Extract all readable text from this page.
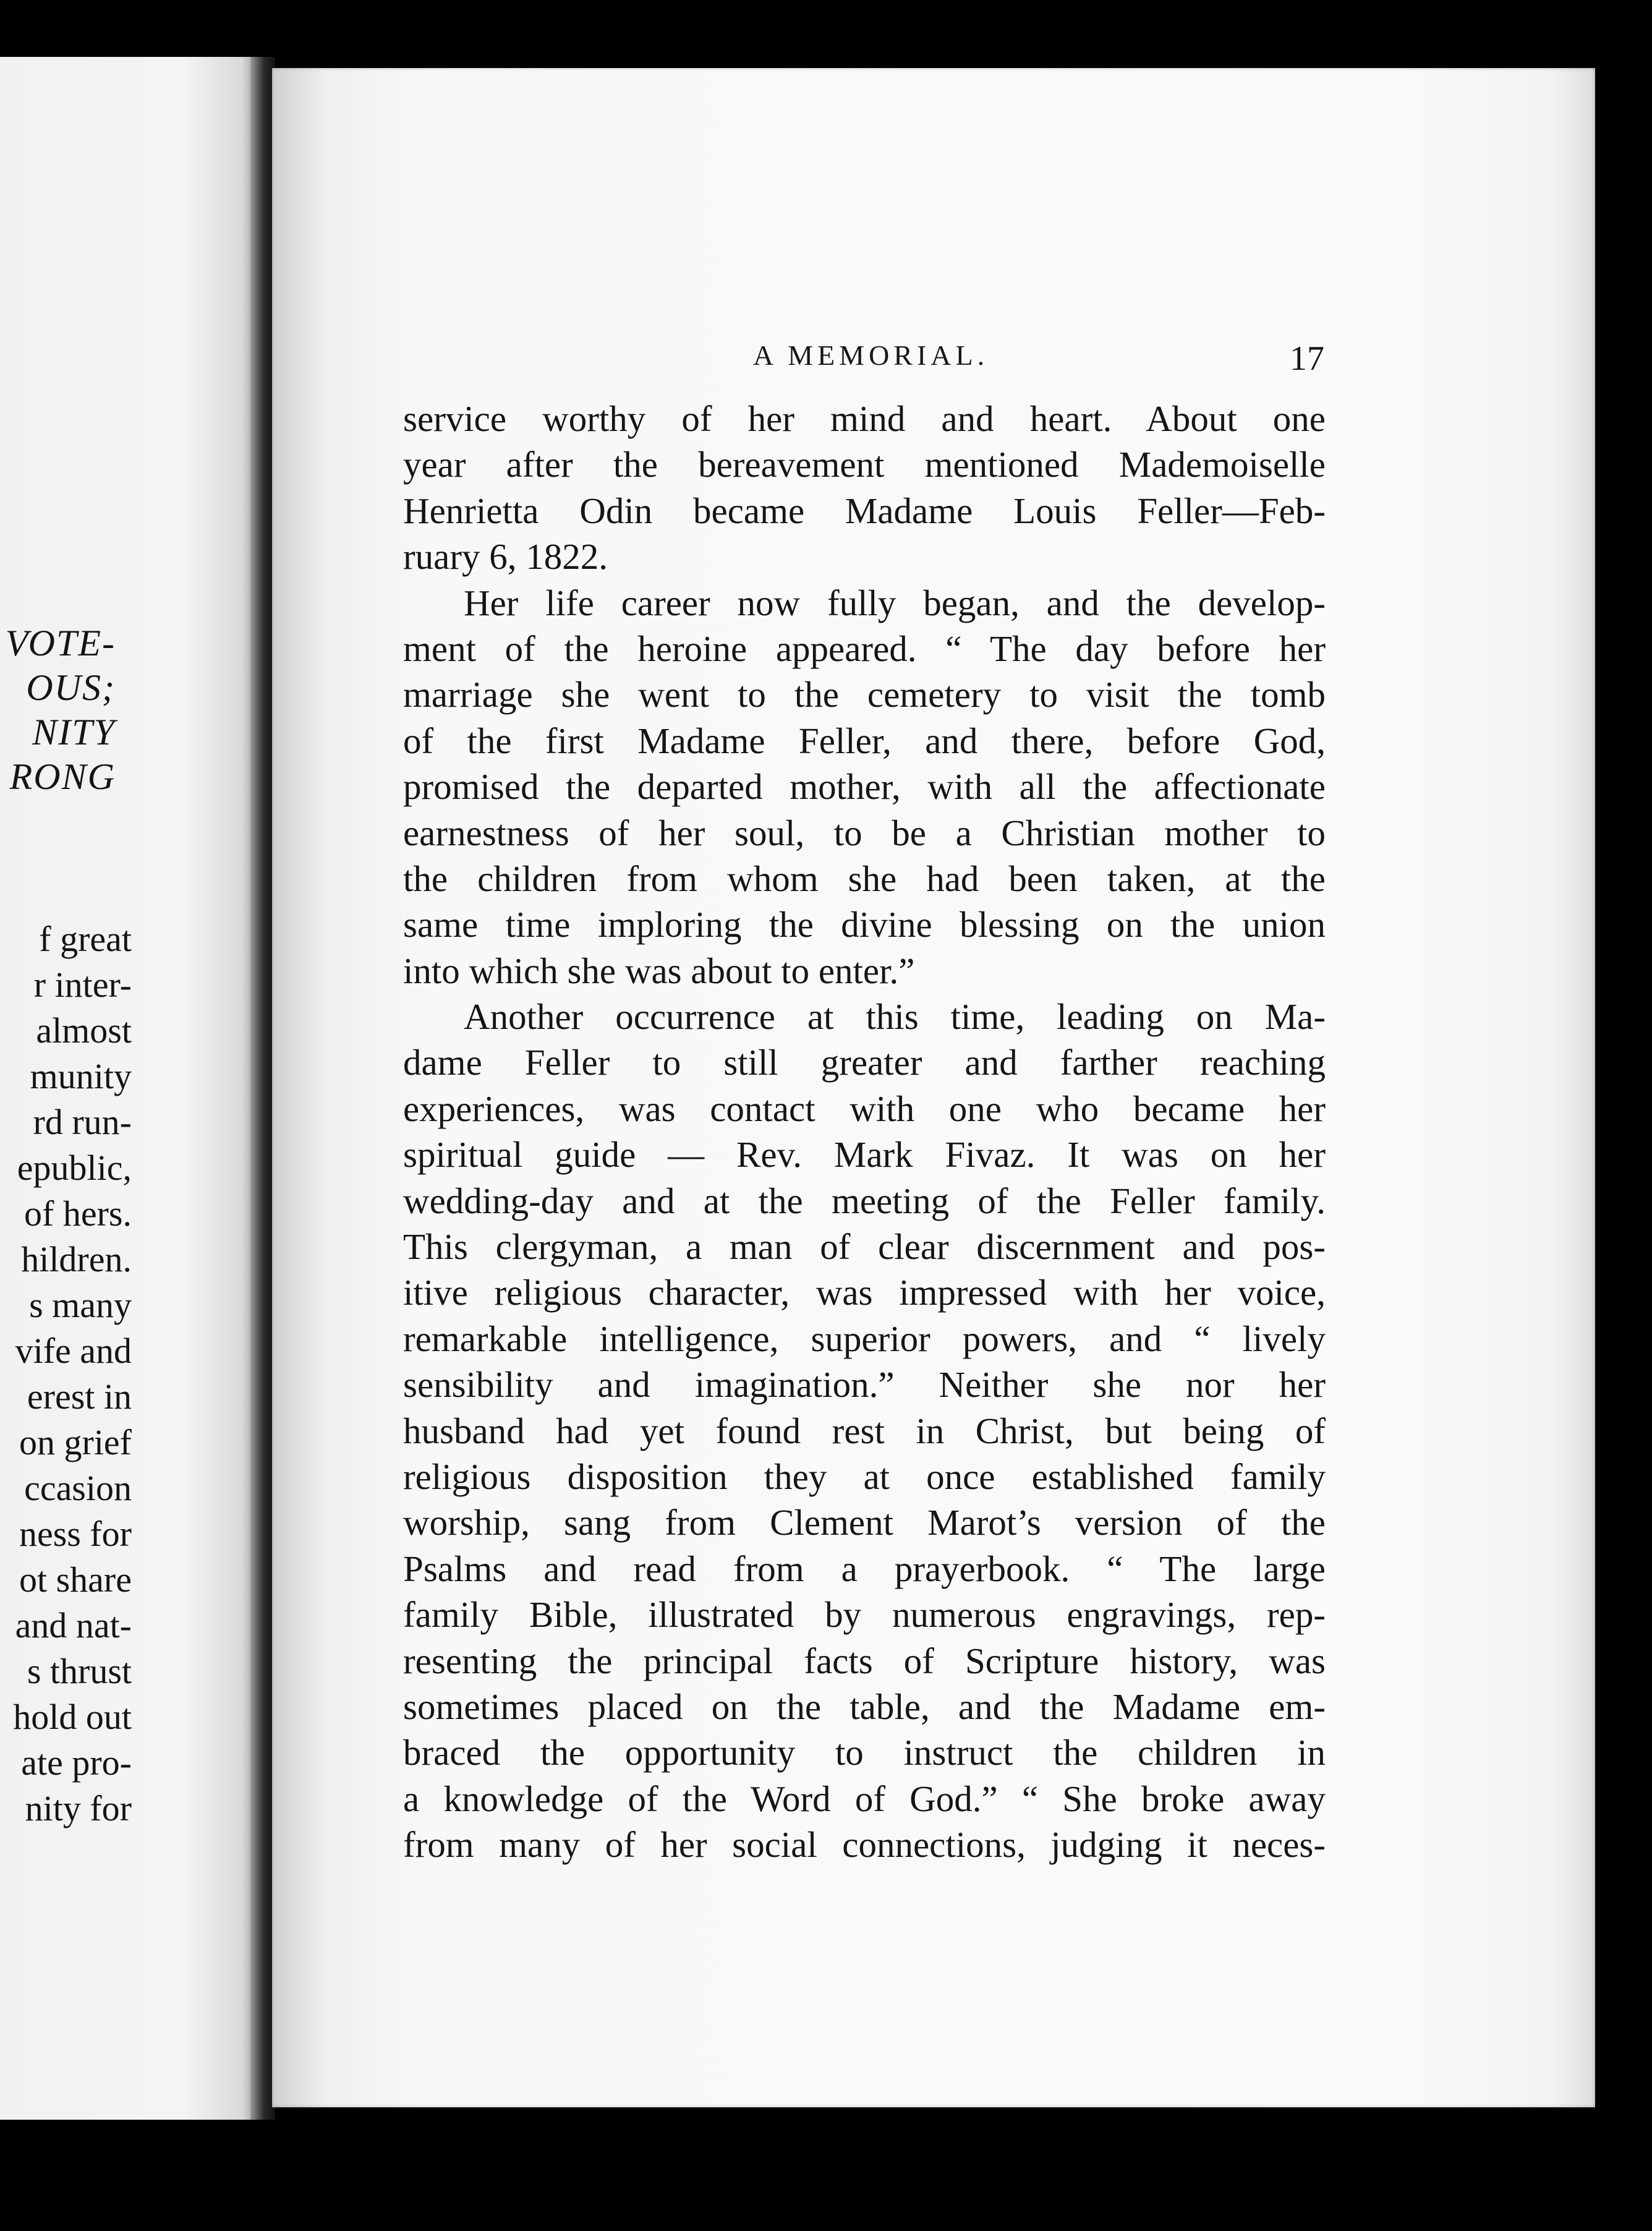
VOTE-
OUS;
NITY
RONG
f great
r inter-
almost
munity
rd run-
epublic,
of hers.
hildren.
s many
vife and
erest in
on grief
ccasion
ness for
ot share
and nat-
s thrust
hold out
ate pro-
nity for
A MEMORIAL.	17
service worthy of her mind and heart. About one
year after the bereavement mentioned Mademoiselle
Henrietta Odin became Madame Louis Feller—Feb-
ruary 6, 1822.
Her life career now fully began, and the develop-
ment of the heroine appeared. “ The day before her
marriage she went to the cemetery to visit the tomb
of the first Madame Feller, and there, before God,
promised the departed mother, with all the affectionate
earnestness of her soul, to be a Christian mother to
the children from whom she had been taken, at the
same time imploring the divine blessing on the union
into which she was about to enter.”
Another occurrence at this time, leading on Ma-
dame Feller to still greater and farther reaching
experiences, was contact with one who became her
spiritual guide — Rev. Mark Fivaz. It was on her
wedding-day and at the meeting of the Feller family.
This clergyman, a man of clear discernment and pos-
itive religious character, was impressed with her voice,
remarkable intelligence, superior powers, and “ lively
sensibility and imagination.” Neither she nor her
husband had yet found rest in Christ, but being of
religious disposition they at once established family
worship, sang from Clement Marot’s version of the
Psalms and read from a prayerbook. “ The large
family Bible, illustrated by numerous engravings, rep-
resenting the principal facts of Scripture history, was
sometimes placed on the table, and the Madame em-
braced the opportunity to instruct the children in
a knowledge of the Word of God.” “ She broke away
from many of her social connections, judging it neces-
